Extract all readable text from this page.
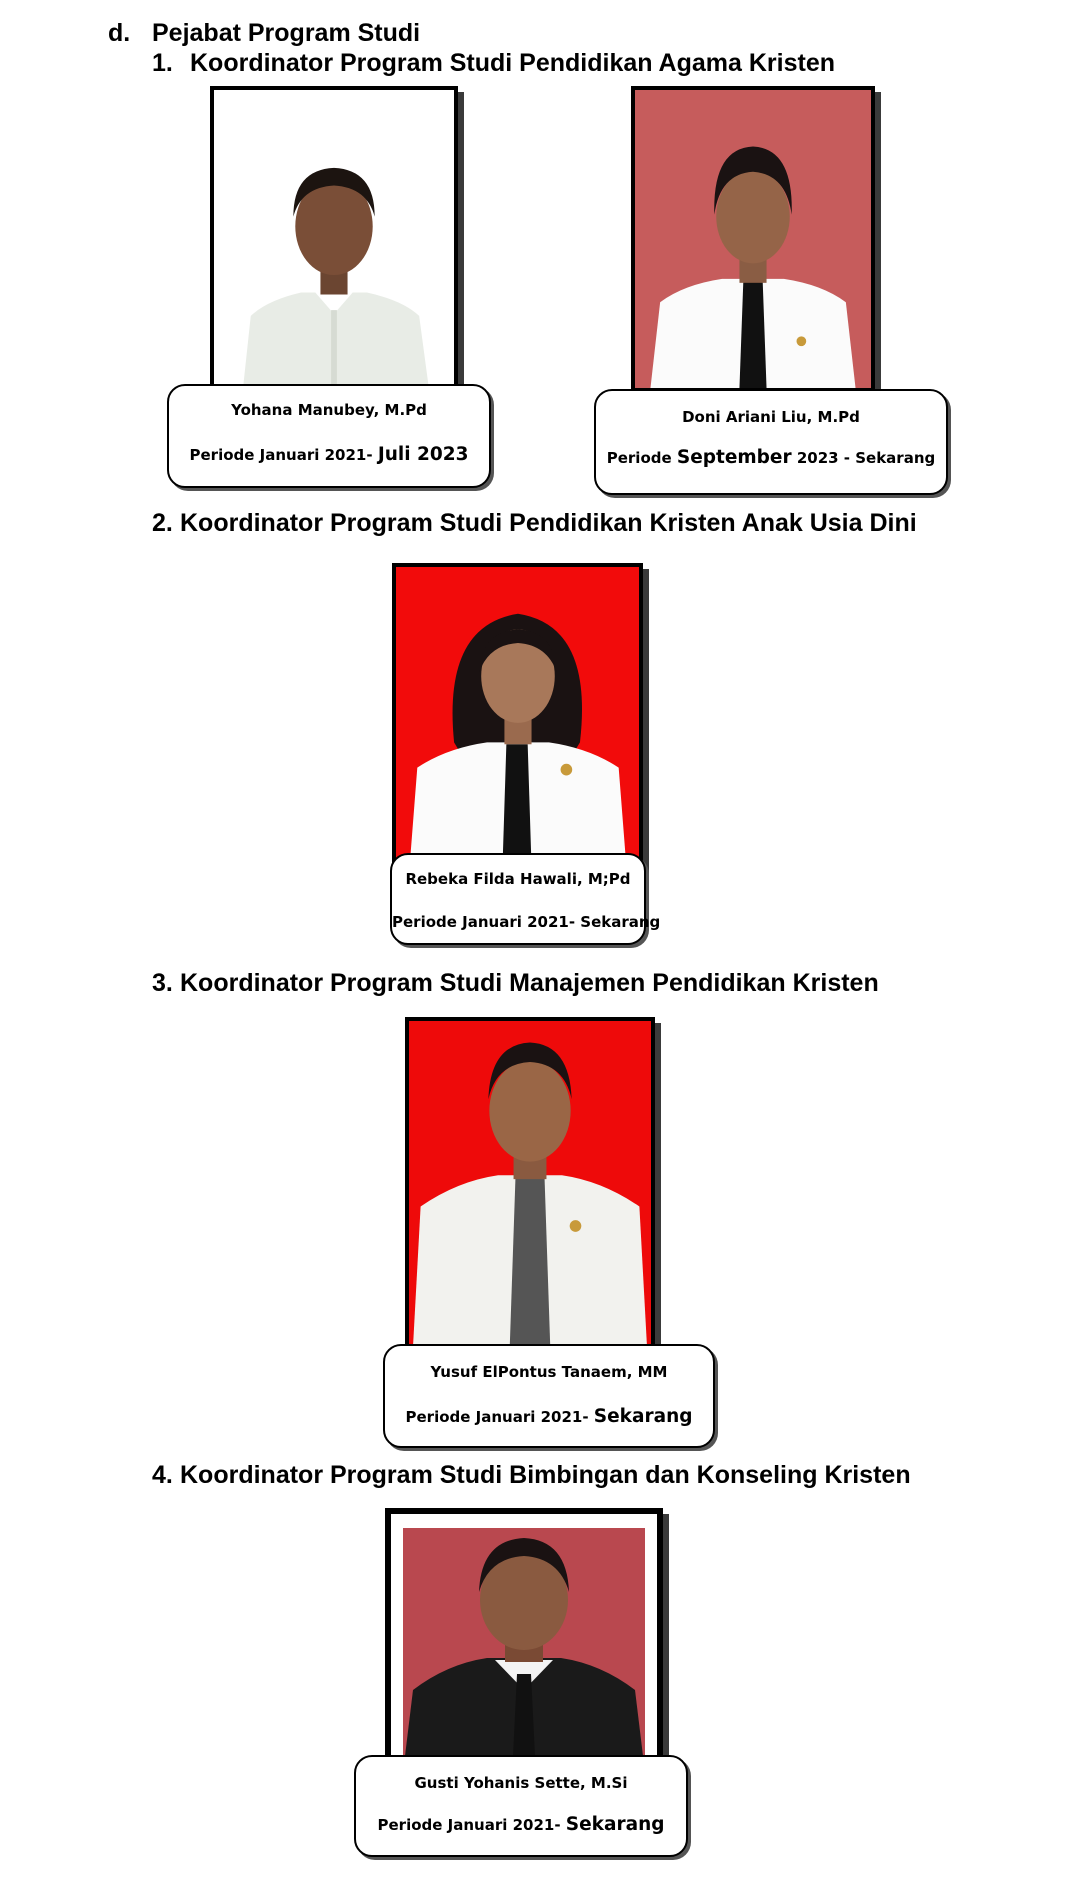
d. Pejabat Program Studi
1. Koordinator Program Studi Pendidikan Agama Kristen
Yohana Manubey, M.Pd
Periode Januari 2021- Juli 2023
Doni Ariani Liu, M.Pd
Periode September 2023 - Sekarang
2. Koordinator Program Studi Pendidikan Kristen Anak Usia Dini
Rebeka Filda Hawali, M;Pd
Periode Januari 2021- Sekarang
3. Koordinator Program Studi Manajemen Pendidikan Kristen
Yusuf ElPontus Tanaem, MM
Periode Januari 2021- Sekarang
4. Koordinator Program Studi Bimbingan dan Konseling Kristen
Gusti Yohanis Sette, M.Si
Periode Januari 2021- Sekarang
